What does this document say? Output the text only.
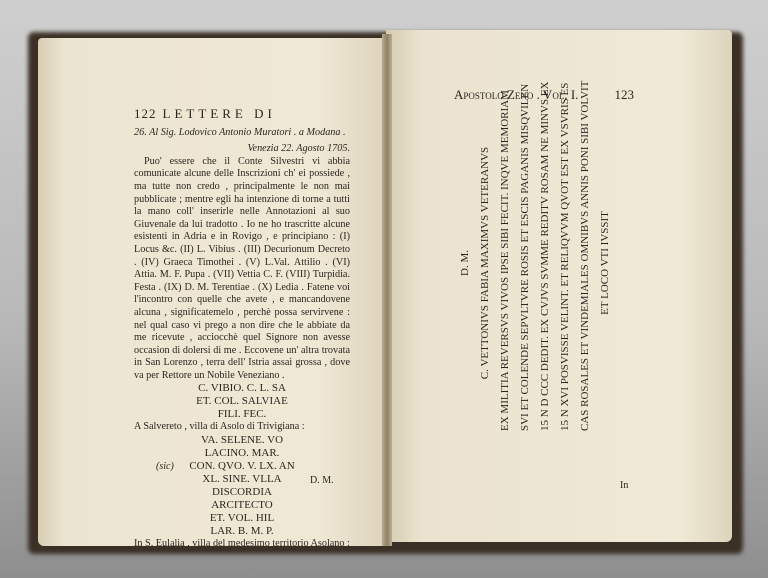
122 LETTERE DI
26. Al Sig. Lodovico Antonio Muratori . a Modana .
Venezia 22. Agosto 1705.
Puo' essere che il Conte Silvestri vi abbia comunicate alcune delle Inscrizioni ch' ei possiede , ma tutte non credo , principalmente le non mai pubblicate ; mentre egli ha intenzione di torne a tutti la mano coll' inserirle nelle Annotazioni al suo Giuvenale da lui tradotto . Io ne ho trascritte alcune esistenti in Adria e in Rovigo , e principiano : (I) Locus &c. (II) L. Vibius . (III) Decurionum Decreto . (IV) Graeca Timothei . (V) L.Val. Attilio . (VI) Attia. M. F. Pupa . (VII) Vettia C. F. (VIII) Turpidia. Festa . (IX) D. M. Terentiae . (X) Ledia . Fatene voi l'incontro con quelle che avete , e mancandovene alcuna , significatemelo , perchè possa servirvene : nel qual caso vi prego a non dire che le abbiate da me ricevute , acciocchè quel Signore non avesse occasion di dolersi di me . Eccovene un' altra trovata in San Lorenzo , terra dell' Istria assai grossa , dove va per Rettore un Nobile Veneziano .
C. VIBIO. C. L. SA
ET. COL. SALVIAE
FILI. FEC.
A Salvereto , villa di Asolo di Trivigiana :
VA. SELENE. VO
LACINO. MAR.
(sic) CON. QVO. V. LX. AN
XL. SINE. VLLA
DISCORDIA
ARCITECTO
ET. VOL. HIL
LAR. B. M. P.
In S. Eulalia , villa del medesimo territorio Asolano :
D. M.
Apostolo Zeno . Vol. I.	123
D. M. C. VETTONIVS FABIA MAXIMVS VETERANVS EX MILITIA REVERSVS VIVOS IPSE SIBI FECIT. INQVE MEMORIAM SVI ET COLENDE SEPVLTVRE ROSIS ET ESCIS PAGANIS MISQVILEN 15 N D CCC DEDIT. EX CVJVS SVMME REDITV ROSAM NE MINVS EX 15 N XVI POSVISSE VELINT. ET RELIQVVM QVOT EST EX VSVRIS ES CAS ROSALES ET VINDEMIALES OMNIBVS ANNIS PONI SIBI VOLVIT ET LOCO VTI IVSSIT
In
